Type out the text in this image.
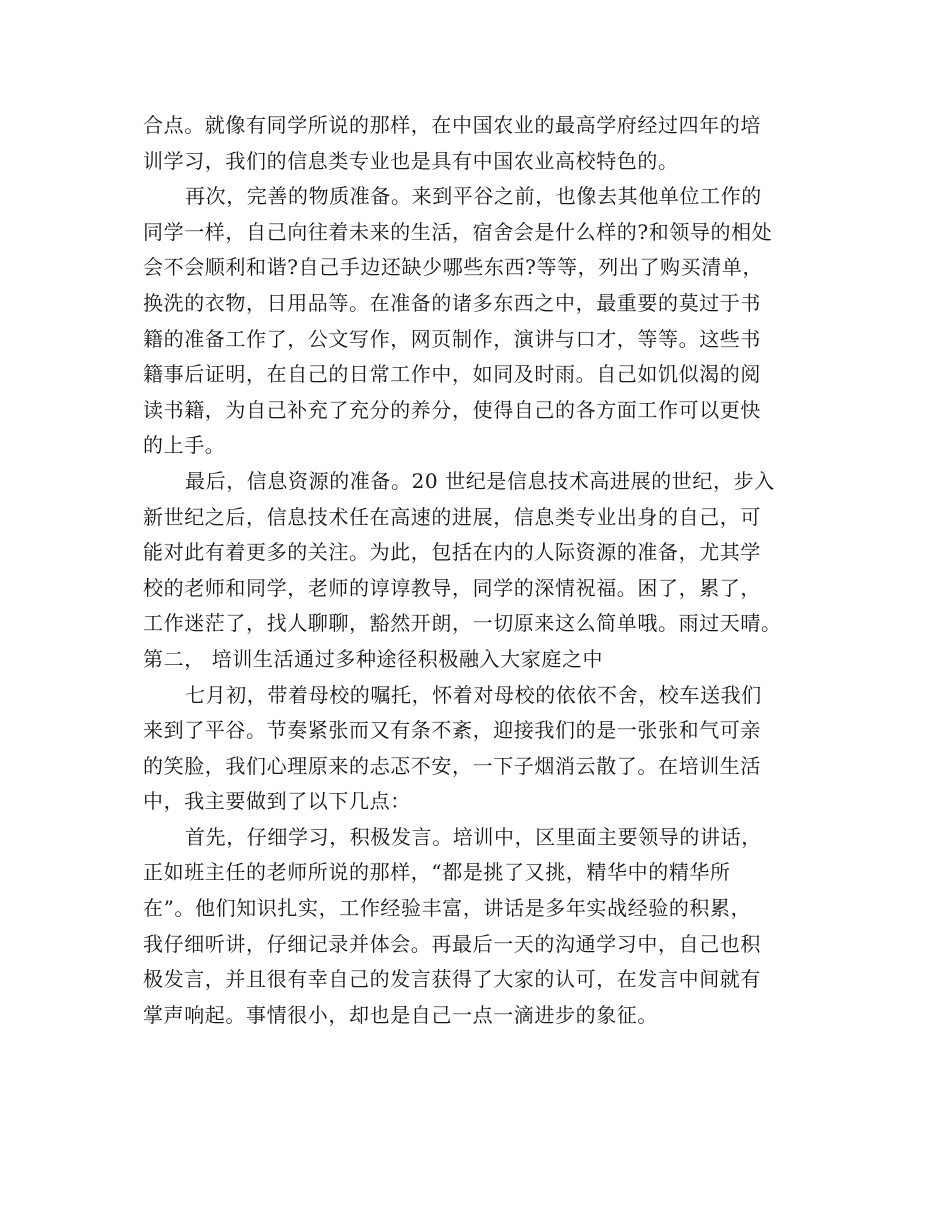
合点。就像有同学所说的那样，在中国农业的最高学府经过四年的培
训学习，我们的信息类专业也是具有中国农业高校特色的。
再次，完善的物质准备。来到平谷之前，也像去其他单位工作的
同学一样，自己向往着未来的生活，宿舍会是什么样的?和领导的相处
会不会顺利和谐?自己手边还缺少哪些东西?等等，列出了购买清单，
换洗的衣物，日用品等。在准备的诸多东西之中，最重要的莫过于书
籍的准备工作了，公文写作，网页制作，演讲与口才，等等。这些书
籍事后证明，在自己的日常工作中，如同及时雨。自己如饥似渴的阅
读书籍，为自己补充了充分的养分，使得自己的各方面工作可以更快
的上手。
最后，信息资源的准备。20 世纪是信息技术高进展的世纪，步入
新世纪之后，信息技术任在高速的进展，信息类专业出身的自己，可
能对此有着更多的关注。为此，包括在内的人际资源的准备，尤其学
校的老师和同学，老师的谆谆教导，同学的深情祝福。困了，累了，
工作迷茫了，找人聊聊，豁然开朗，一切原来这么简单哦。雨过天晴。
第二， 培训生活通过多种途径积极融入大家庭之中
七月初，带着母校的嘱托，怀着对母校的依依不舍，校车送我们
来到了平谷。节奏紧张而又有条不紊，迎接我们的是一张张和气可亲
的笑脸，我们心理原来的忐忑不安，一下子烟消云散了。在培训生活
中，我主要做到了以下几点：
首先，仔细学习，积极发言。培训中，区里面主要领导的讲话，
正如班主任的老师所说的那样，“都是挑了又挑，精华中的精华所
在”。他们知识扎实，工作经验丰富，讲话是多年实战经验的积累，
我仔细听讲，仔细记录并体会。再最后一天的沟通学习中，自己也积
极发言，并且很有幸自己的发言获得了大家的认可，在发言中间就有
掌声响起。事情很小，却也是自己一点一滴进步的象征。
